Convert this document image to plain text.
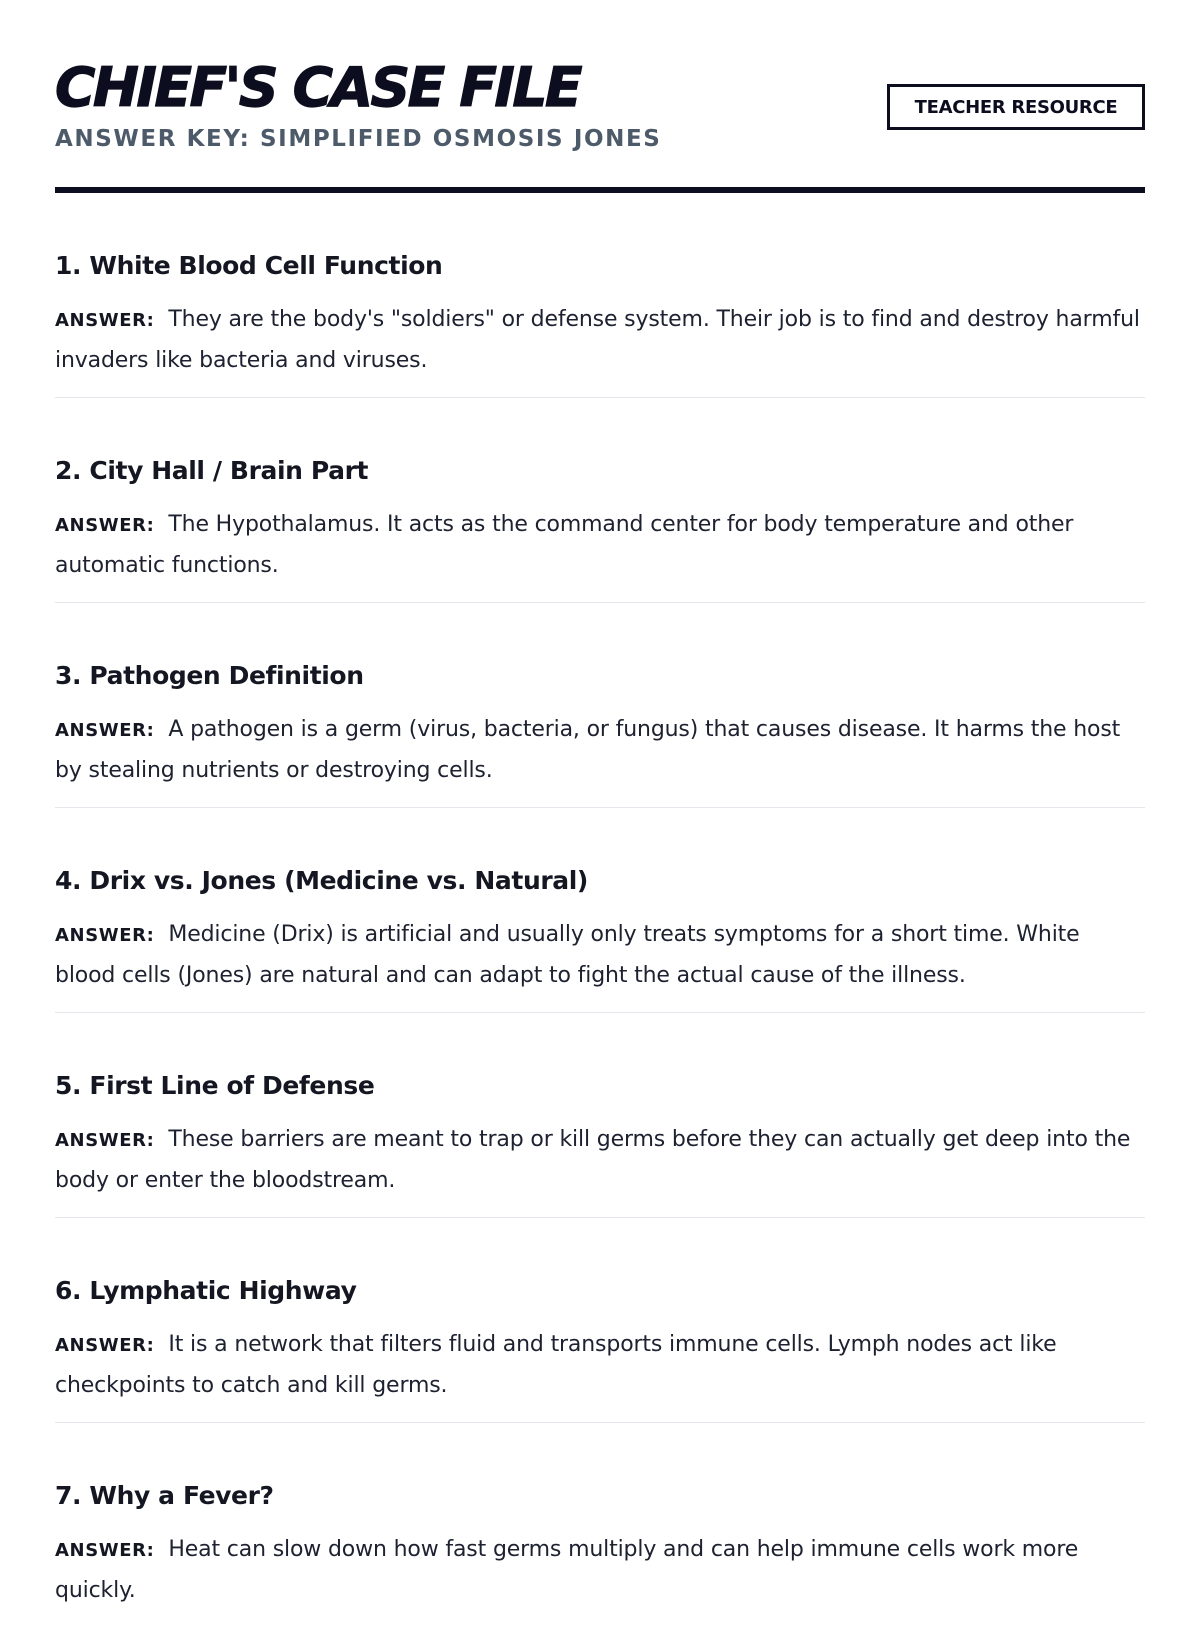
CHIEF'S CASE FILE
ANSWER KEY: SIMPLIFIED OSMOSIS JONES
TEACHER RESOURCE
1. White Blood Cell Function
ANSWER: They are the body's "soldiers" or defense system. Their job is to find and destroy harmful invaders like bacteria and viruses.
2. City Hall / Brain Part
ANSWER: The Hypothalamus. It acts as the command center for body temperature and other automatic functions.
3. Pathogen Definition
ANSWER: A pathogen is a germ (virus, bacteria, or fungus) that causes disease. It harms the host by stealing nutrients or destroying cells.
4. Drix vs. Jones (Medicine vs. Natural)
ANSWER: Medicine (Drix) is artificial and usually only treats symptoms for a short time. White blood cells (Jones) are natural and can adapt to fight the actual cause of the illness.
5. First Line of Defense
ANSWER: These barriers are meant to trap or kill germs before they can actually get deep into the body or enter the bloodstream.
6. Lymphatic Highway
ANSWER: It is a network that filters fluid and transports immune cells. Lymph nodes act like checkpoints to catch and kill germs.
7. Why a Fever?
ANSWER: Heat can slow down how fast germs multiply and can help immune cells work more quickly.
